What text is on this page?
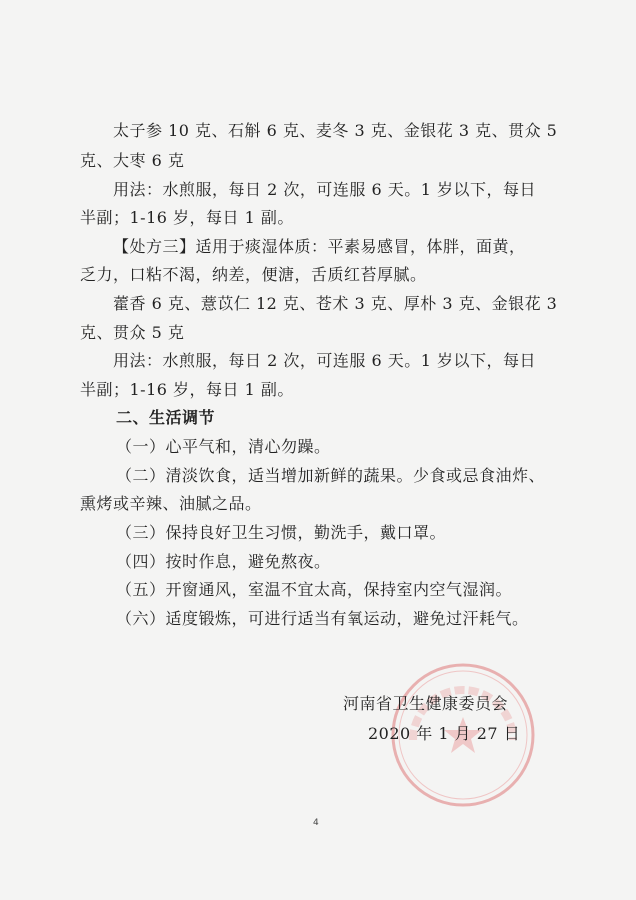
太子参 10 克、石斛 6 克、麦冬 3 克、金银花 3 克、贯众 5
克、大枣 6 克
用法：水煎服，每日 2 次，可连服 6 天。1 岁以下，每日
半副；1-16 岁，每日 1 副。
【处方三】适用于痰湿体质：平素易感冒，体胖，面黄，
乏力，口粘不渴，纳差，便溏，舌质红苔厚腻。
藿香 6 克、薏苡仁 12 克、苍术 3 克、厚朴 3 克、金银花 3
克、贯众 5 克
用法：水煎服，每日 2 次，可连服 6 天。1 岁以下，每日
半副；1-16 岁，每日 1 副。
二、生活调节
（一）心平气和，清心勿躁。
（二）清淡饮食，适当增加新鲜的蔬果。少食或忌食油炸、
熏烤或辛辣、油腻之品。
（三）保持良好卫生习惯，勤洗手，戴口罩。
（四）按时作息，避免熬夜。
（五）开窗通风，室温不宜太高，保持室内空气湿润。
（六）适度锻炼，可进行适当有氧运动，避免过汗耗气。
河南省卫生健康委员会
2020 年 1 月 27 日
4
